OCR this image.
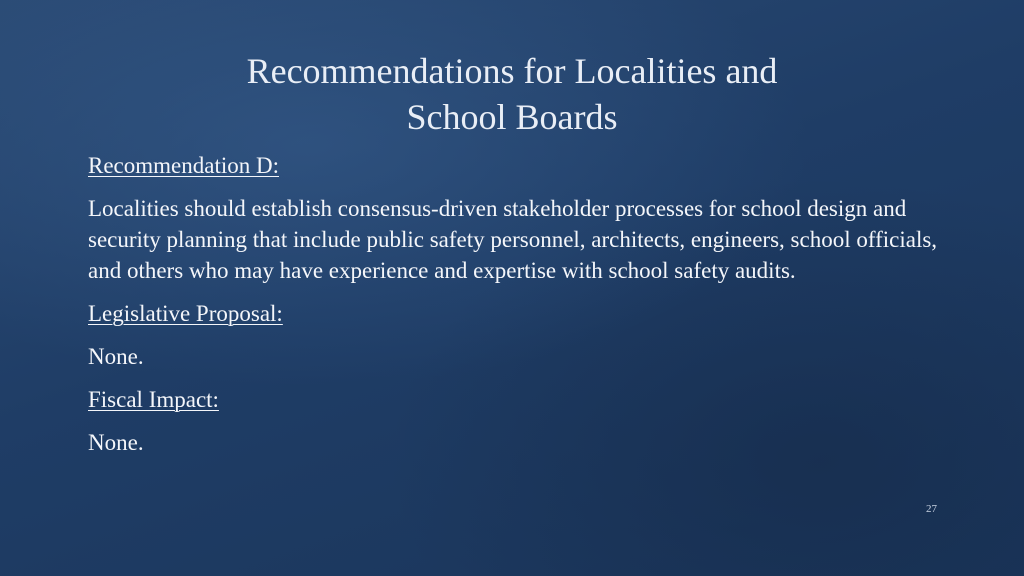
Recommendations for Localities and
School Boards

Recommendation D:

Localities should establish consensus-driven stakeholder processes for school design and security planning that include public safety personnel, architects, engineers, school officials, and others who may have experience and expertise with school safety audits.

Legislative Proposal:

None.

Fiscal Impact:

None.

27
